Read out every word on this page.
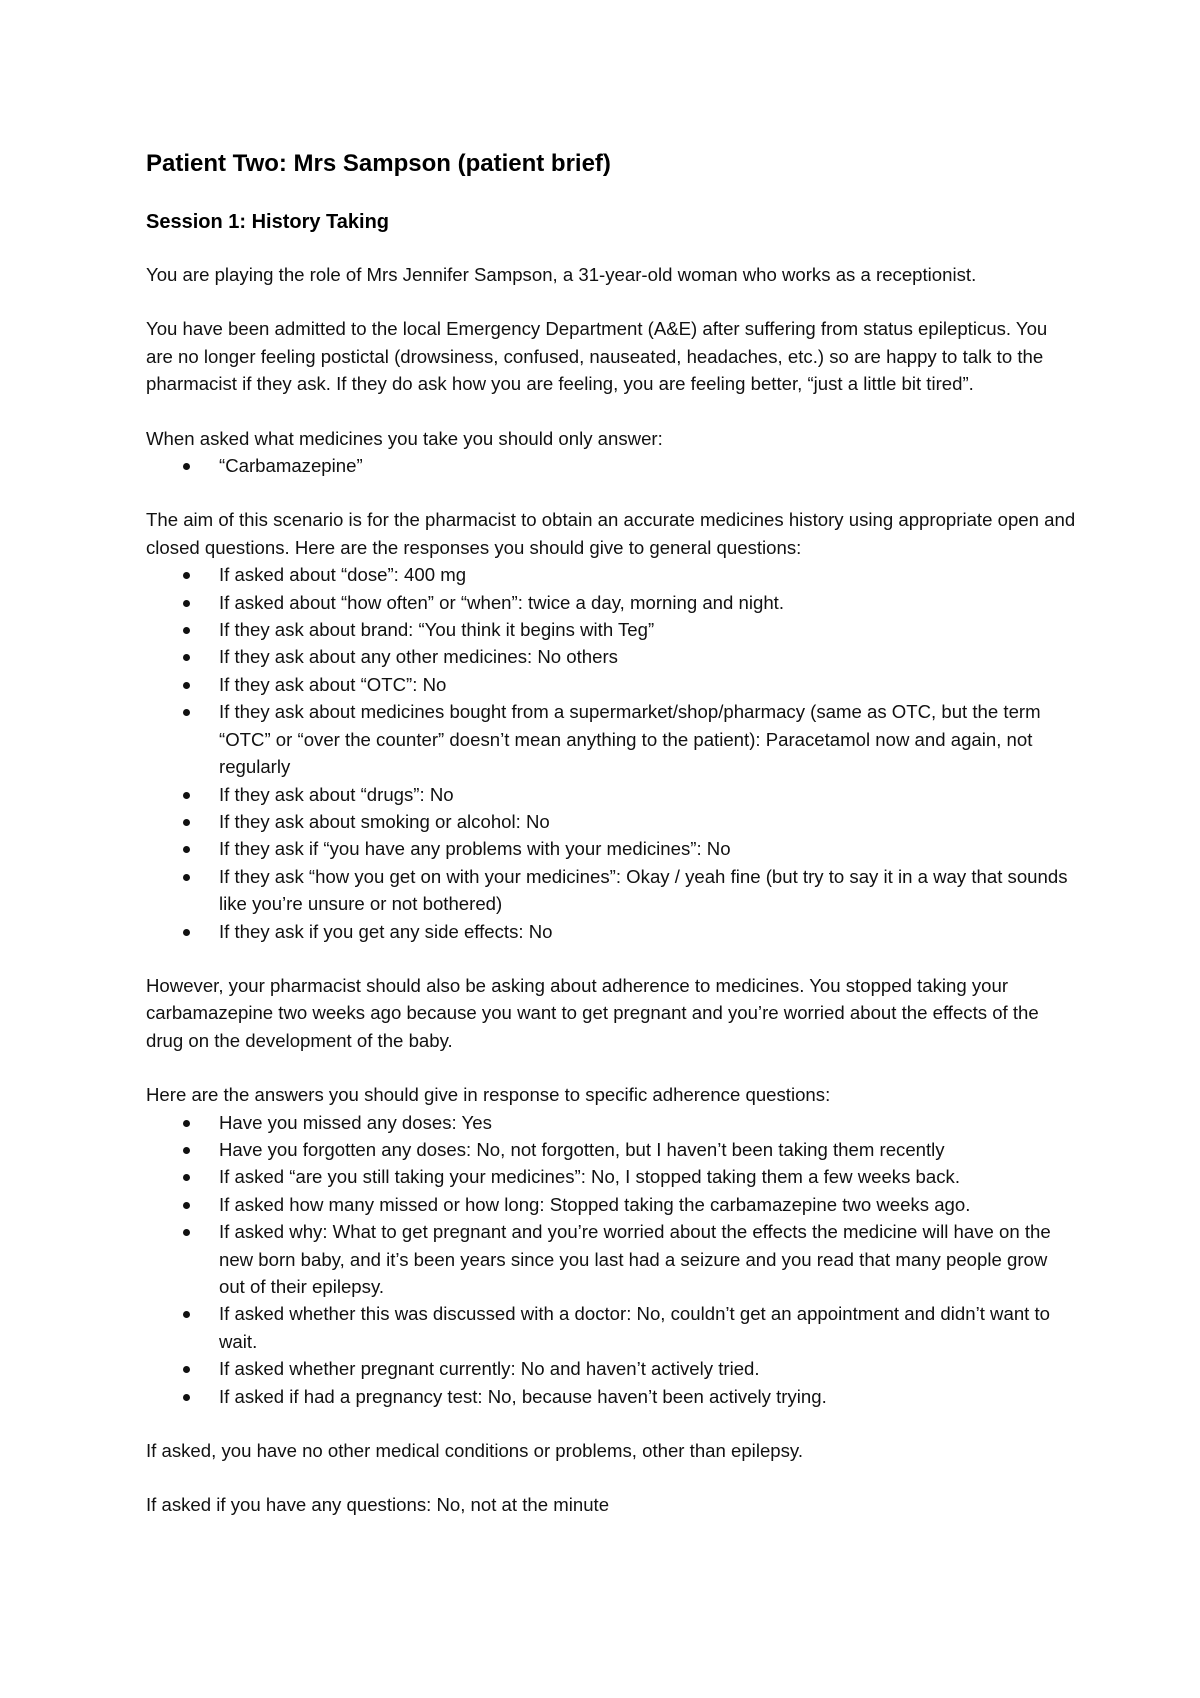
Patient Two: Mrs Sampson (patient brief)
Session 1: History Taking

You are playing the role of Mrs Jennifer Sampson, a 31-year-old woman who works as a receptionist.

You have been admitted to the local Emergency Department (A&E) after suffering from status epilepticus. You are no longer feeling postictal (drowsiness, confused, nauseated, headaches, etc.) so are happy to talk to the pharmacist if they ask. If they do ask how you are feeling, you are feeling better, “just a little bit tired”.

When asked what medicines you take you should only answer:

“Carbamazepine”

The aim of this scenario is for the pharmacist to obtain an accurate medicines history using appropriate open and closed questions. Here are the responses you should give to general questions:

If asked about “dose”: 400 mg
If asked about “how often” or “when”: twice a day, morning and night.
If they ask about brand: “You think it begins with Teg”
If they ask about any other medicines: No others
If they ask about “OTC”: No
If they ask about medicines bought from a supermarket/shop/pharmacy (same as OTC, but the term “OTC” or “over the counter” doesn’t mean anything to the patient): Paracetamol now and again, not regularly
If they ask about “drugs”: No
If they ask about smoking or alcohol: No
If they ask if “you have any problems with your medicines”: No
If they ask “how you get on with your medicines”: Okay / yeah fine (but try to say it in a way that sounds like you’re unsure or not bothered)
If they ask if you get any side effects: No

However, your pharmacist should also be asking about adherence to medicines. You stopped taking your carbamazepine two weeks ago because you want to get pregnant and you’re worried about the effects of the drug on the development of the baby.

Here are the answers you should give in response to specific adherence questions:

Have you missed any doses: Yes
Have you forgotten any doses: No, not forgotten, but I haven’t been taking them recently
If asked “are you still taking your medicines”: No, I stopped taking them a few weeks back.
If asked how many missed or how long: Stopped taking the carbamazepine two weeks ago.
If asked why: What to get pregnant and you’re worried about the effects the medicine will have on the new born baby, and it’s been years since you last had a seizure and you read that many people grow out of their epilepsy.
If asked whether this was discussed with a doctor: No, couldn’t get an appointment and didn’t want to wait.
If asked whether pregnant currently: No and haven’t actively tried.
If asked if had a pregnancy test: No, because haven’t been actively trying.

If asked, you have no other medical conditions or problems, other than epilepsy.

If asked if you have any questions: No, not at the minute
